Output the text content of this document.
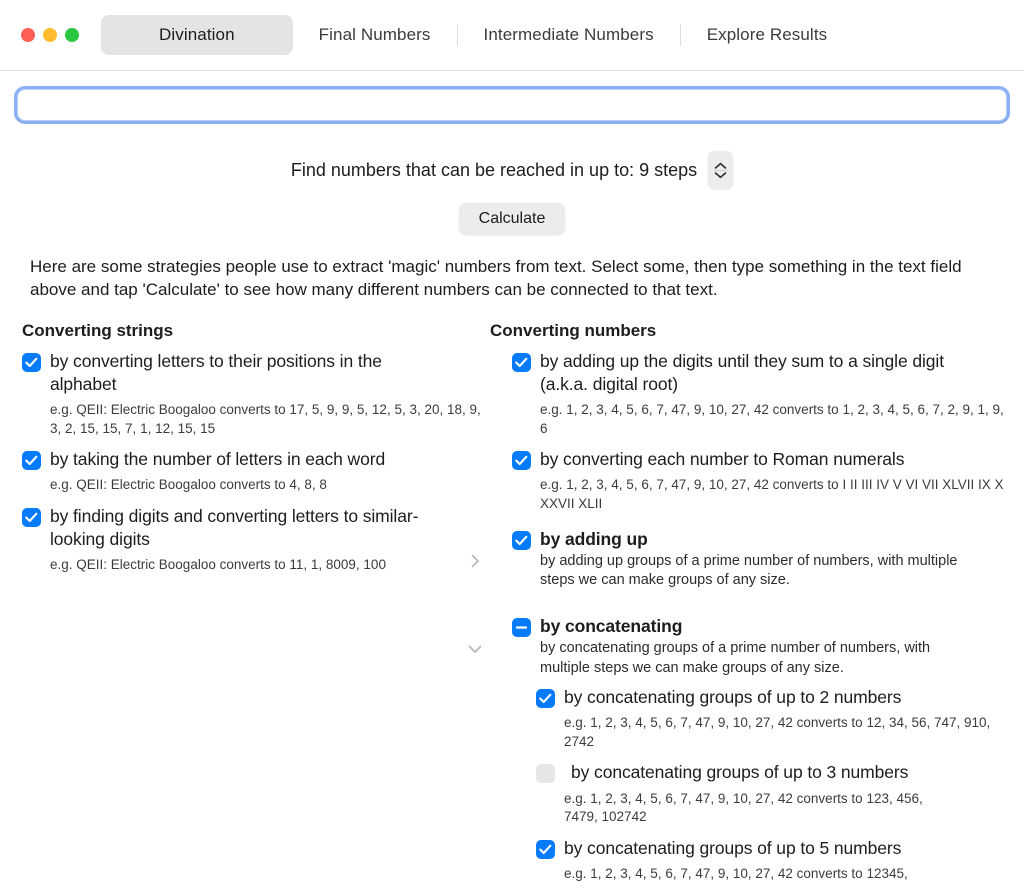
Divination	Final Numbers	Intermediate Numbers	Explore Results
Find numbers that can be reached in up to: 9 steps
Calculate
Here are some strategies people use to extract 'magic' numbers from text. Select some, then type something in the text field above and tap 'Calculate' to see how many different numbers can be connected to that text.
Converting strings
by converting letters to their positions in the alphabet
e.g. QEII: Electric Boogaloo converts to 17, 5, 9, 9, 5, 12, 5, 3, 20, 18, 9, 3, 2, 15, 15, 7, 1, 12, 15, 15
by taking the number of letters in each word
e.g. QEII: Electric Boogaloo converts to 4, 8, 8
by finding digits and converting letters to similar-looking digits
e.g. QEII: Electric Boogaloo converts to 11, 1, 8009, 100
Converting numbers
by adding up the digits until they sum to a single digit (a.k.a. digital root)
e.g. 1, 2, 3, 4, 5, 6, 7, 47, 9, 10, 27, 42 converts to 1, 2, 3, 4, 5, 6, 7, 2, 9, 1, 9, 6
by converting each number to Roman numerals
e.g. 1, 2, 3, 4, 5, 6, 7, 47, 9, 10, 27, 42 converts to I II III IV V VI VII XLVII IX X XXVII XLII
by adding up
by adding up groups of a prime number of numbers, with multiple steps we can make groups of any size.
by concatenating
by concatenating groups of a prime number of numbers, with multiple steps we can make groups of any size.
by concatenating groups of up to 2 numbers
e.g. 1, 2, 3, 4, 5, 6, 7, 47, 9, 10, 27, 42 converts to 12, 34, 56, 747, 910, 2742
by concatenating groups of up to 3 numbers
e.g. 1, 2, 3, 4, 5, 6, 7, 47, 9, 10, 27, 42 converts to 123, 456, 7479, 102742
by concatenating groups of up to 5 numbers
e.g. 1, 2, 3, 4, 5, 6, 7, 47, 9, 10, 27, 42 converts to 12345,
